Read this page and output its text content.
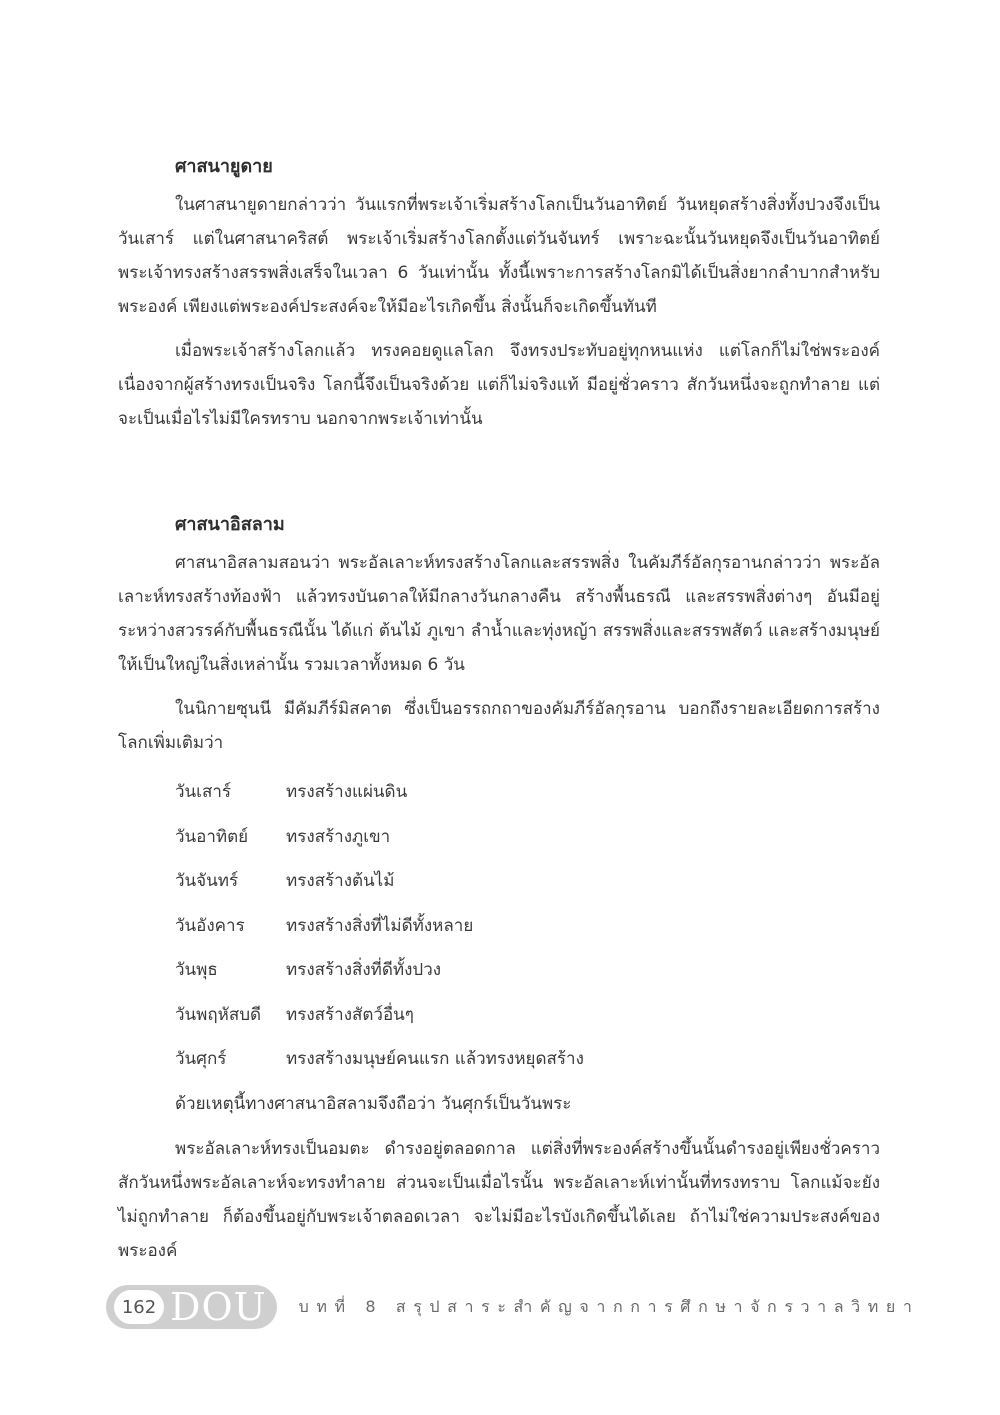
ศาสนายูดาย

ในศาสนายูดายกล่าวว่า วันแรกที่พระเจ้าเริ่มสร้างโลกเป็นวันอาทิตย์ วันหยุดสร้างสิ่งทั้งปวงจึงเป็นวันเสาร์ แต่ในศาสนาคริสต์ พระเจ้าเริ่มสร้างโลกตั้งแต่วันจันทร์ เพราะฉะนั้นวันหยุดจึงเป็นวันอาทิตย์ พระเจ้าทรงสร้างสรรพสิ่งเสร็จในเวลา 6 วันเท่านั้น ทั้งนี้เพราะการสร้างโลกมิได้เป็นสิ่งยากลำบากสำหรับพระองค์ เพียงแต่พระองค์ประสงค์จะให้มีอะไรเกิดขึ้น สิ่งนั้นก็จะเกิดขึ้นทันที

เมื่อพระเจ้าสร้างโลกแล้ว ทรงคอยดูแลโลก จึงทรงประทับอยู่ทุกหนแห่ง แต่โลกก็ไม่ใช่พระองค์ เนื่องจากผู้สร้างทรงเป็นจริง โลกนี้จึงเป็นจริงด้วย แต่ก็ไม่จริงแท้ มีอยู่ชั่วคราว สักวันหนึ่งจะถูกทำลาย แต่จะเป็นเมื่อไรไม่มีใครทราบ นอกจากพระเจ้าเท่านั้น

ศาสนาอิสลาม

ศาสนาอิสลามสอนว่า พระอัลเลาะห์ทรงสร้างโลกและสรรพสิ่ง ในคัมภีร์อัลกุรอานกล่าวว่า พระอัลเลาะห์ทรงสร้างท้องฟ้า แล้วทรงบันดาลให้มีกลางวันกลางคืน สร้างพื้นธรณี และสรรพสิ่งต่างๆ อันมีอยู่ระหว่างสวรรค์กับพื้นธรณีนั้น ได้แก่ ต้นไม้ ภูเขา ลำน้ำและทุ่งหญ้า สรรพสิ่งและสรรพสัตว์ และสร้างมนุษย์ให้เป็นใหญ่ในสิ่งเหล่านั้น รวมเวลาทั้งหมด 6 วัน

ในนิกายซุนนี มีคัมภีร์มิสคาต ซึ่งเป็นอรรถกถาของคัมภีร์อัลกุรอาน บอกถึงรายละเอียดการสร้างโลกเพิ่มเติมว่า

วันเสาร์	ทรงสร้างแผ่นดิน
วันอาทิตย์	ทรงสร้างภูเขา
วันจันทร์	ทรงสร้างต้นไม้
วันอังคาร	ทรงสร้างสิ่งที่ไม่ดีทั้งหลาย
วันพุธ	ทรงสร้างสิ่งที่ดีทั้งปวง
วันพฤหัสบดี	ทรงสร้างสัตว์อื่นๆ
วันศุกร์	ทรงสร้างมนุษย์คนแรก แล้วทรงหยุดสร้าง

ด้วยเหตุนี้ทางศาสนาอิสลามจึงถือว่า วันศุกร์เป็นวันพระ

พระอัลเลาะห์ทรงเป็นอมตะ ดำรงอยู่ตลอดกาล แต่สิ่งที่พระองค์สร้างขึ้นนั้นดำรงอยู่เพียงชั่วคราว สักวันหนึ่งพระอัลเลาะห์จะทรงทำลาย ส่วนจะเป็นเมื่อไรนั้น พระอัลเลาะห์เท่านั้นที่ทรงทราบ โลกแม้จะยังไม่ถูกทำลาย ก็ต้องขึ้นอยู่กับพระเจ้าตลอดเวลา จะไม่มีอะไรบังเกิดขึ้นได้เลย ถ้าไม่ใช่ความประสงค์ของพระองค์

162 DOU บทที่ 8 สรุปสาระสำคัญจากการศึกษาจักรวาลวิทยา
